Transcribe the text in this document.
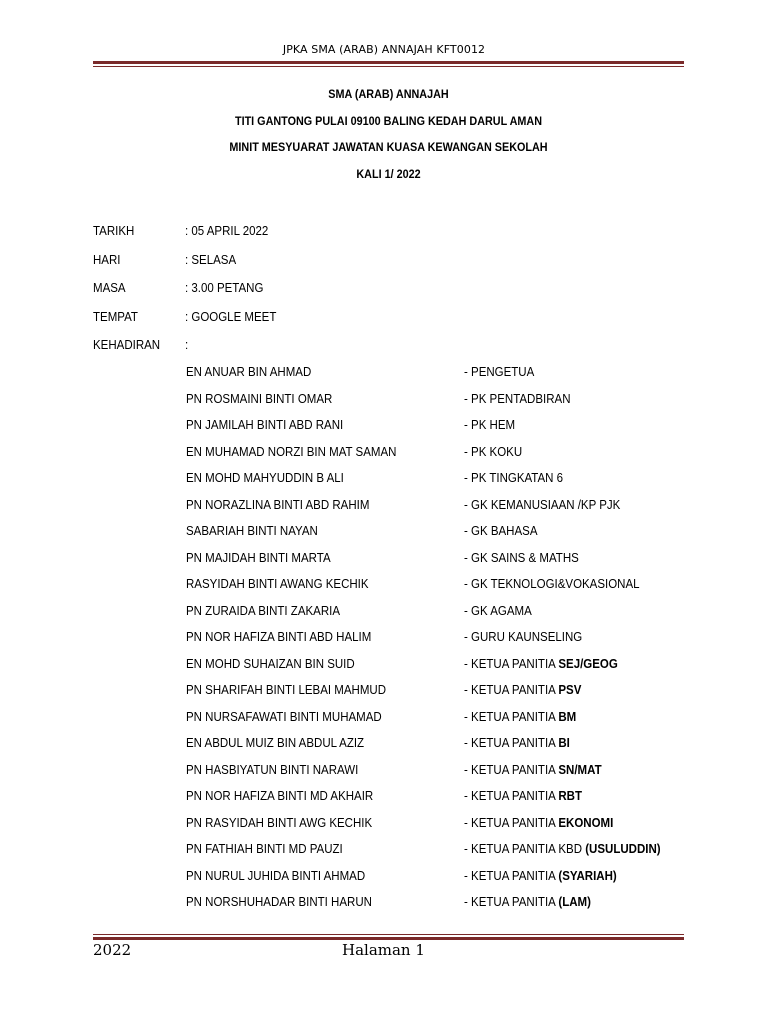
JPKA SMA (ARAB) ANNAJAH KFT0012
SMA (ARAB) ANNAJAH
TITI GANTONG PULAI 09100 BALING KEDAH DARUL AMAN
MINIT MESYUARAT JAWATAN KUASA KEWANGAN SEKOLAH
KALI 1/ 2022
TARIKH	: 05 APRIL 2022
HARI	: SELASA
MASA	: 3.00 PETANG
TEMPAT	: GOOGLE MEET
KEHADIRAN :
EN ANUAR BIN AHMAD	- PENGETUA
PN ROSMAINI BINTI OMAR	- PK PENTADBIRAN
PN JAMILAH BINTI ABD RANI	- PK HEM
EN MUHAMAD NORZI BIN MAT SAMAN	- PK KOKU
EN MOHD MAHYUDDIN B ALI	- PK TINGKATAN 6
PN NORAZLINA BINTI ABD RAHIM	- GK KEMANUSIAAN /KP PJK
SABARIAH BINTI NAYAN	- GK BAHASA
PN MAJIDAH BINTI MARTA	- GK SAINS & MATHS
RASYIDAH BINTI AWANG KECHIK	- GK TEKNOLOGI&VOKASIONAL
PN ZURAIDA BINTI ZAKARIA	- GK AGAMA
PN NOR HAFIZA BINTI ABD HALIM	- GURU KAUNSELING
EN MOHD SUHAIZAN BIN SUID	- KETUA PANITIA SEJ/GEOG
PN SHARIFAH BINTI LEBAI MAHMUD	- KETUA PANITIA PSV
PN NURSAFAWATI BINTI MUHAMAD	- KETUA PANITIA BM
EN ABDUL MUIZ BIN ABDUL AZIZ	- KETUA PANITIA BI
PN HASBIYATUN BINTI NARAWI	- KETUA PANITIA SN/MAT
PN NOR HAFIZA BINTI MD AKHAIR	- KETUA PANITIA RBT
PN RASYIDAH BINTI AWG KECHIK	- KETUA PANITIA EKONOMI
PN FATHIAH BINTI MD PAUZI	- KETUA PANITIA KBD (USULUDDIN)
PN NURUL JUHIDA BINTI AHMAD	- KETUA PANITIA (SYARIAH)
PN NORSHUHADAR BINTI HARUN	- KETUA PANITIA (LAM)
2022	Halaman 1
